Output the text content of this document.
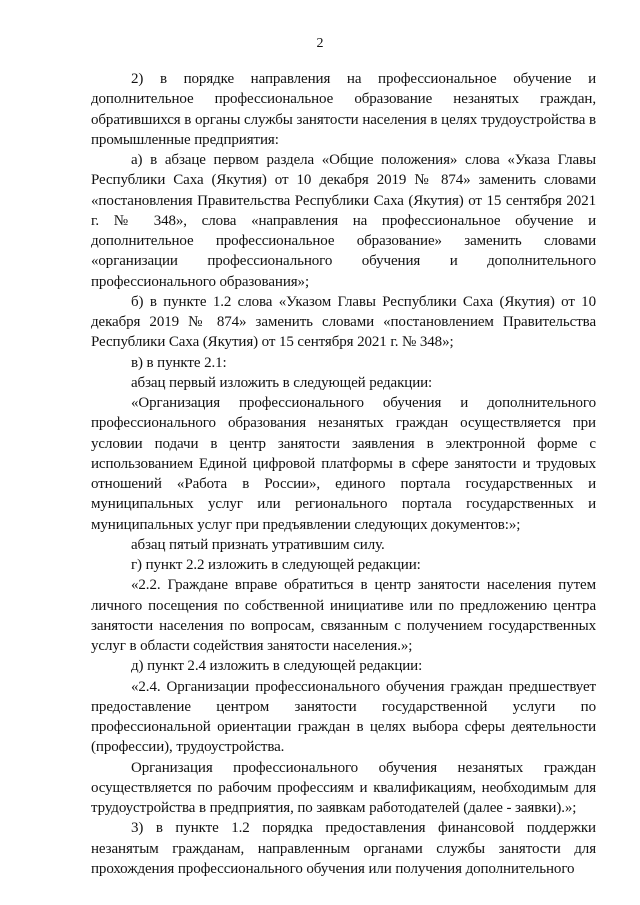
2

2) в порядке направления на профессиональное обучение и дополнительное профессиональное образование незанятых граждан, обратившихся в органы службы занятости населения в целях трудоустройства в промышленные предприятия:

а) в абзаце первом раздела «Общие положения» слова «Указа Главы Республики Саха (Якутия) от 10 декабря 2019 № 874» заменить словами «постановления Правительства Республики Саха (Якутия) от 15 сентября 2021 г. № 348», слова «направления на профессиональное обучение и дополнительное профессиональное образование» заменить словами «организации профессионального обучения и дополнительного профессионального образования»;

б) в пункте 1.2 слова «Указом Главы Республики Саха (Якутия) от 10 декабря 2019 № 874» заменить словами «постановлением Правительства Республики Саха (Якутия) от 15 сентября 2021 г. № 348»;

в) в пункте 2.1:

абзац первый изложить в следующей редакции:

«Организация профессионального обучения и дополнительного профессионального образования незанятых граждан осуществляется при условии подачи в центр занятости заявления в электронной форме с использованием Единой цифровой платформы в сфере занятости и трудовых отношений «Работа в России», единого портала государственных и муниципальных услуг или регионального портала государственных и муниципальных услуг при предъявлении следующих документов:»;

абзац пятый признать утратившим силу.

г) пункт 2.2 изложить в следующей редакции:

«2.2. Граждане вправе обратиться в центр занятости населения путем личного посещения по собственной инициативе или по предложению центра занятости населения по вопросам, связанным с получением государственных услуг в области содействия занятости населения.»;

д) пункт 2.4 изложить в следующей редакции:

«2.4. Организации профессионального обучения граждан предшествует предоставление центром занятости государственной услуги по профессиональной ориентации граждан в целях выбора сферы деятельности (профессии), трудоустройства.

Организация профессионального обучения незанятых граждан осуществляется по рабочим профессиям и квалификациям, необходимым для трудоустройства в предприятия, по заявкам работодателей (далее - заявки).»;

3) в пункте 1.2 порядка предоставления финансовой поддержки незанятым гражданам, направленным органами службы занятости для прохождения профессионального обучения или получения дополнительного
